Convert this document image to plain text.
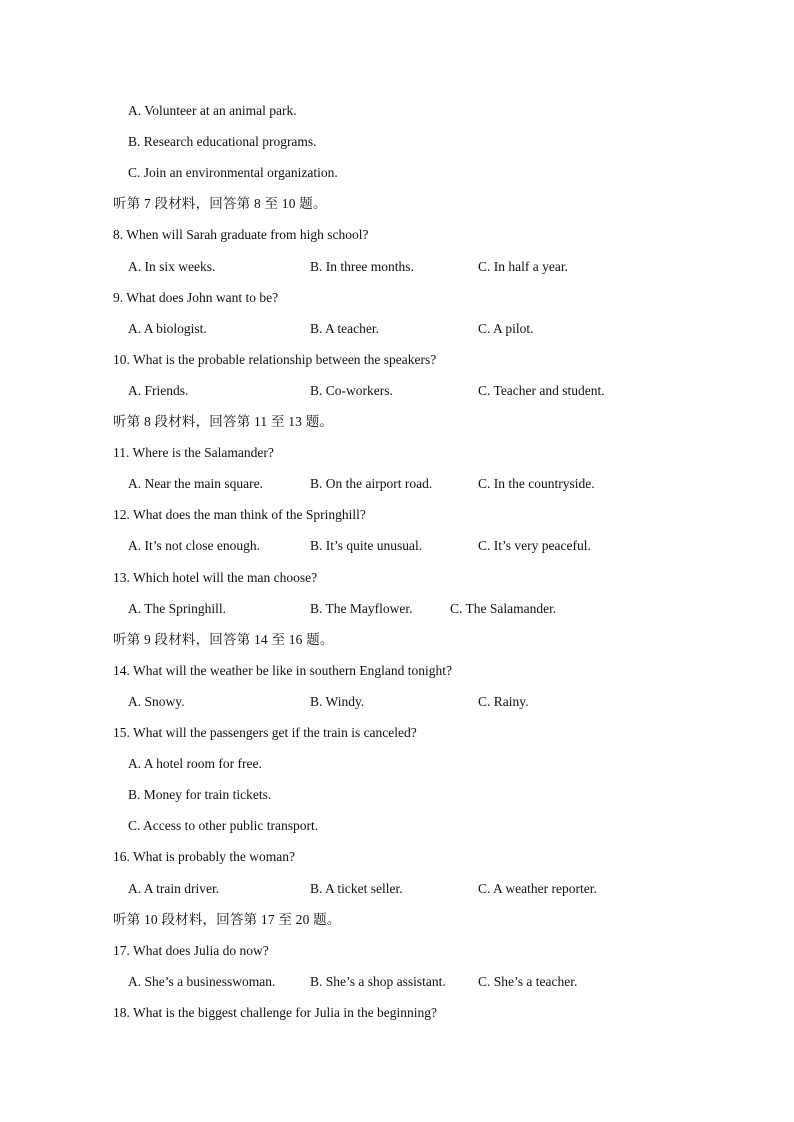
A. Volunteer at an animal park.
B. Research educational programs.
C. Join an environmental organization.
听第 7 段材料，回答第 8 至 10 题。
8. When will Sarah graduate from high school?
A. In six weeks.	B. In three months.	C. In half a year.
9. What does John want to be?
A. A biologist.	B. A teacher.	C. A pilot.
10. What is the probable relationship between the speakers?
A. Friends.	B. Co-workers.	C. Teacher and student.
听第 8 段材料，回答第 11 至 13 题。
11. Where is the Salamander?
A. Near the main square.	B. On the airport road.	C. In the countryside.
12. What does the man think of the Springhill?
A. It’s not close enough.	B. It’s quite unusual.	C. It’s very peaceful.
13. Which hotel will the man choose?
A. The Springhill.	B. The Mayflower.	C. The Salamander.
听第 9 段材料，回答第 14 至 16 题。
14. What will the weather be like in southern England tonight?
A. Snowy.	B. Windy.	C. Rainy.
15. What will the passengers get if the train is canceled?
A. A hotel room for free.
B. Money for train tickets.
C. Access to other public transport.
16. What is probably the woman?
A. A train driver.	B. A ticket seller.	C. A weather reporter.
听第 10 段材料，回答第 17 至 20 题。
17. What does Julia do now?
A. She’s a businesswoman.	B. She’s a shop assistant. C. She’s a teacher.
18. What is the biggest challenge for Julia in the beginning?
